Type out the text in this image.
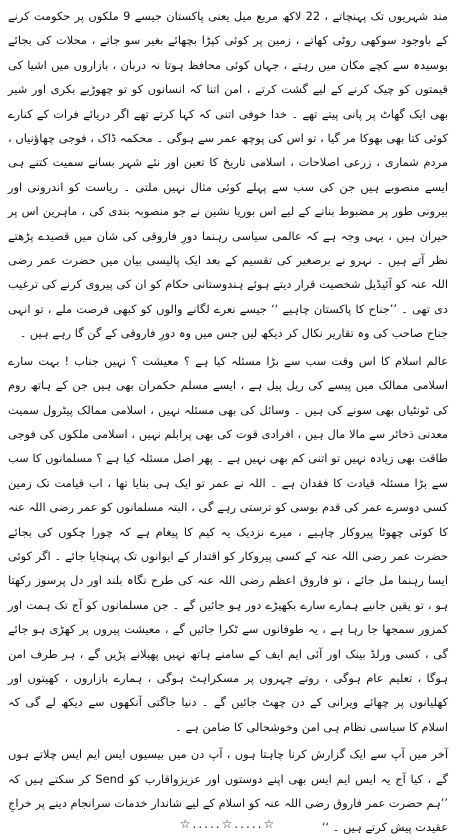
مند شہریوں تک پہنچاتے ، 22 لاکھ مربع میل یعنی پاکستان جیسے 9 ملکوں پر حکومت کرنے کے باوجود سوکھی روٹی کھاتے ، زمین پر کوئی کپڑا بچھائے بغیر سو جاتے ، محلات کی بجائے بوسیدہ سے کچے مکان میں رہتے ، جہاں کوئی محافظ ہوتا نہ دربان ، بازاروں میں اشیا کی قیمتوں کو چیک کرنے کے لیے گشت کرتے ، امن اتنا کہ انسانوں کو تو چھوڑیے بکری اور شیر بھی ایک گھاٹ پر پانی پیتے تھے ۔ خدا خوفی اتنی کہ کہا کرتے تھے اگر دریائے فرات کے کنارے کوئی کتا بھی بھوکا مر گیا ، تو اس کی پوچھ عمر سے ہوگی ۔ محکمہ ڈاک ، فوجی چھاؤنیاں ، مردم شماری ، زرعی اصلاحات ، اسلامی تاریخ کا تعین اور نئے شہر بسانے سمیت کتنے ہی ایسے منصوبے ہیں جن کی سب سے پہلے کوئی مثال نہیں ملتی ۔ ریاست کو اندرونی اور بیرونی طور پر مضبوط بنانے کے لیے اس بوریا نشین نے جو منصوبہ بندی کی ، ماہرین اس پر حیران ہیں ، یہی وجہ ہے کہ عالمی سیاسی رہنما دورِ فاروقی کی شان میں قصیدے پڑھتے نظر آتے ہیں ۔ نہرو نے برصغیر کی تقسیم کے بعد ایک پالیسی بیان میں حضرت عمر رضی اللہ عنہ کو آئیڈیل شخصیت قرار دیتے ہوئے ہندوستانی حکام کو ان کی پیروی کرنے کی ترغیب دی تھی ۔ ’’جناح کا پاکستان چاہیے ‘‘ جیسے نعرے لگانے والوں کو کبھی فرصت ملے ، تو انہی جناح صاحب کی وہ تقاریر نکال کر دیکھ لیں جس میں وہ دورِ فاروقی کے گن گا رہے ہیں ۔

عالم اسلام کا اس وقت سب سے بڑا مسئلہ کیا ہے ؟ معیشت ؟ نہیں جناب ! بہت سارے اسلامی ممالک میں پیسے کی ریل پیل ہے ، ایسے مسلم حکمران بھی ہیں جن کے ہاتھ روم کی ٹونٹیاں بھی سونے کی ہیں ۔ وسائل کی بھی مسئلہ نہیں ، اسلامی ممالک پیٹرول سمیت معدنی ذخائر سے مالا مال ہیں ، افرادی قوت کی بھی پرابلم نہیں ، اسلامی ملکوں کی فوجی طاقت بھی زیادہ نہیں تو اتنی کم بھی نہیں ہے ۔ پھر اصل مسئلہ کیا ہے ؟ مسلمانوں کا سب سے بڑا مسئلہ قیادت کا فقدان ہے ۔ اللہ نے عمر تو ایک ہی بنایا تھا ، اب قیامت تک زمین کسی دوسرے عمر کی قدم بوسی کو ترستی رہے گی ، البتہ مسلمانوں کو عمر رضی اللہ عنہ کا کوئی چھوٹا پیروکار چاہیے ، میرے نزدیک یہ کیم کا پیغام ہے کہ چورا چکوں کی بجائے حضرت عمر رضی اللہ عنہ کے کسی پیروکار کو اقتدار کے ایوانوں تک پہنچایا جائے ۔ اگر کوئی ایسا رہنما مل جائے ، تو فاروق اعظم رضی اللہ عنہ کی طرح نگاہ بلند اور دل پرسوز رکھتا ہو ، تو یقین جانیے ہمارے سارے بکھیڑے دور ہو جائیں گے ۔ جن مسلمانوں کو آج تک ہمت اور کمزور سمجھا جا رہا ہے ، یہ طوفانوں سے ٹکرا جائیں گے ، معیشت پیروں پر کھڑی ہو جائے گی ، کسی ورلڈ بینک اور آئی ایم ایف کے سامنے ہاتھ نہیں پھیلانے پڑیں گے ، ہر طرف امن ہوگا ، تعلیم عام ہوگی ، روتے چہروں پر مسکراہٹ ہوگی ، ہمارے بازاروں ، کھیتوں اور کھلیانوں پر چھائے ویرانی کے دن چھٹ جائیں گے ۔ دنیا جاگتی آنکھوں سے دیکھ لے گی کہ اسلام کا سیاسی نظام ہی امن وخوشحالی کا ضامن ہے ۔

آخر میں آپ سے ایک گزارش کرنا چاہتا ہوں ، آپ دن میں بیسیوں ایس ایم ایس چلاتے ہوں گے ، کیا آج یہ ایس ایم ایس بھی اپنے دوستوں اور عزیزواقارب کو Send کر سکتے ہیں کہ ’’ہم حضرت عمر فاروق رضی اللہ عنہ کو اسلام کے لیے شاندار خدمات سرانجام دینے پر خراجِ عقیدت پیش کرتے ہیں ۔ ‘‘

☆.....☆.....☆
